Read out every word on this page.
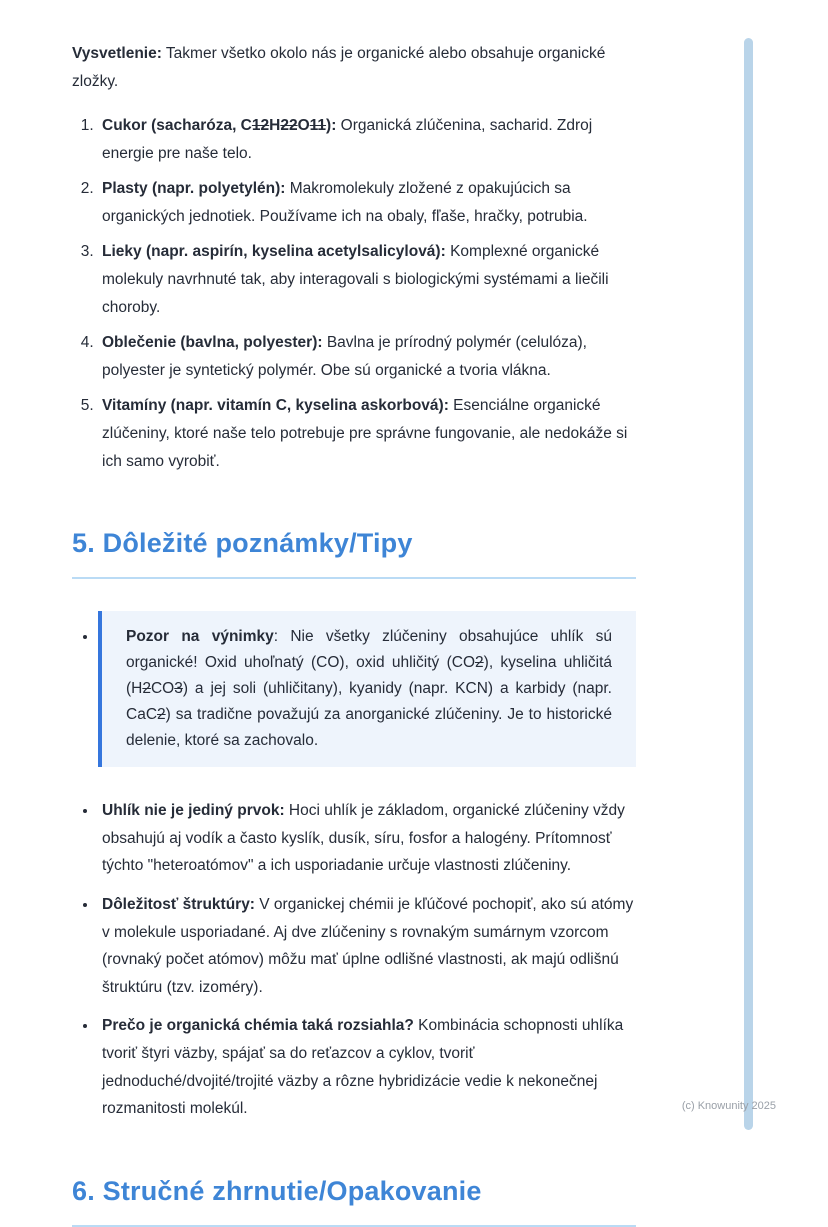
Vysvetlenie: Takmer všetko okolo nás je organické alebo obsahuje organické zložky.

1. Cukor (sacharóza, C12H22O11): Organická zlúčenina, sacharid. Zdroj energie pre naše telo.
2. Plasty (napr. polyetylén): Makromolekuly zložené z opakujúcich sa organických jednotiek. Používame ich na obaly, fľaše, hračky, potrubia.
3. Lieky (napr. aspirín, kyselina acetylsalicylová): Komplexné organické molekuly navrhnuté tak, aby interagovali s biologickými systémami a liečili choroby.
4. Oblečenie (bavlna, polyester): Bavlna je prírodný polymér (celulóza), polyester je syntetický polymér. Obe sú organické a tvoria vlákna.
5. Vitamíny (napr. vitamín C, kyselina askorbová): Esenciálne organické zlúčeniny, ktoré naše telo potrebuje pre správne fungovanie, ale nedokáže si ich samo vyrobiť.
5. Dôležité poznámky/Tipy
• Pozor na výnimky: Nie všetky zlúčeniny obsahujúce uhlík sú organické! Oxid uhoľnatý (CO), oxid uhličitý (CO2), kyselina uhličitá (H2CO3) a jej soli (uhličitany), kyanidy (napr. KCN) a karbidy (napr. CaC2) sa tradične považujú za anorganické zlúčeniny. Je to historické delenie, ktoré sa zachovalo.
• Uhlík nie je jediný prvok: Hoci uhlík je základom, organické zlúčeniny vždy obsahujú aj vodík a často kyslík, dusík, síru, fosfor a halogény. Prítomnosť týchto "heteroatómov" a ich usporiadanie určuje vlastnosti zlúčeniny.
• Dôležitosť štruktúry: V organickej chémii je kľúčové pochopiť, ako sú atómy v molekule usporiadané. Aj dve zlúčeniny s rovnakým sumárnym vzorcom (rovnaký počet atómov) môžu mať úplne odlišné vlastnosti, ak majú odlišnú štruktúru (tzv. izoméry).
• Prečo je organická chémia taká rozsiahla? Kombinácia schopnosti uhlíka tvoriť štyri väzby, spájať sa do reťazcov a cyklov, tvoriť jednoduché/dvojité/trojité väzby a rôzne hybridizácie vedie k nekonečnej rozmanitosti molekúl.
6. Stručné zhrnutie/Opakovanie
(c) Knowunity 2025
